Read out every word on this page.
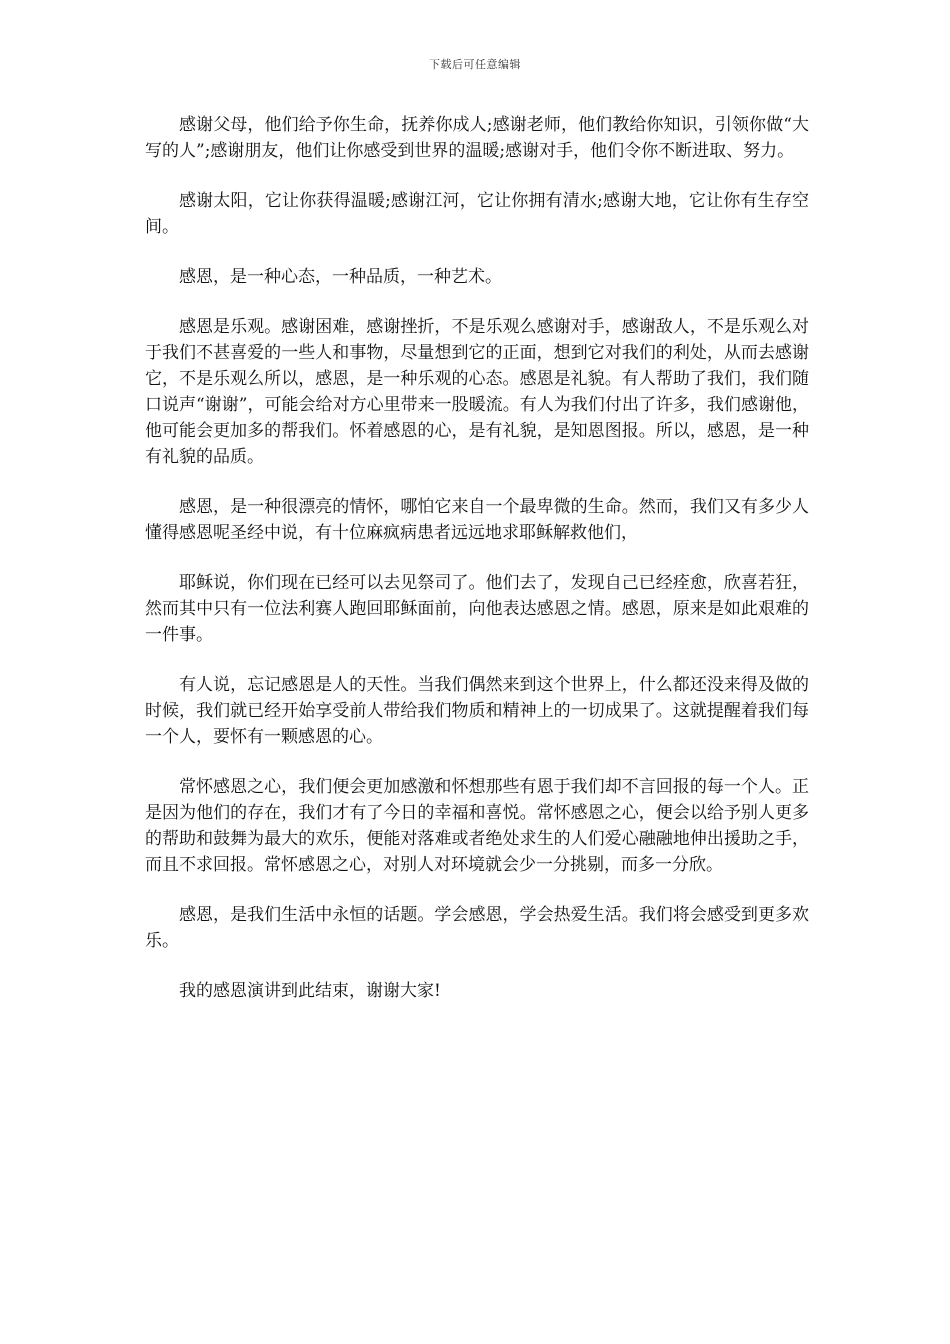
下载后可任意编辑

感谢父母，他们给予你生命，抚养你成人;感谢老师，他们教给你知识，引领你做“大写的人”;感谢朋友，他们让你感受到世界的温暖;感谢对手，他们令你不断进取、努力。

感谢太阳，它让你获得温暖;感谢江河，它让你拥有清水;感谢大地，它让你有生存空间。

感恩，是一种心态，一种品质，一种艺术。

感恩是乐观。感谢困难，感谢挫折，不是乐观么感谢对手，感谢敌人，不是乐观么对于我们不甚喜爱的一些人和事物，尽量想到它的正面，想到它对我们的利处，从而去感谢它，不是乐观么所以，感恩，是一种乐观的心态。感恩是礼貌。有人帮助了我们，我们随口说声“谢谢”，可能会给对方心里带来一股暖流。有人为我们付出了许多，我们感谢他，他可能会更加多的帮我们。怀着感恩的心，是有礼貌，是知恩图报。所以，感恩，是一种有礼貌的品质。

感恩，是一种很漂亮的情怀，哪怕它来自一个最卑微的生命。然而，我们又有多少人懂得感恩呢圣经中说，有十位麻疯病患者远远地求耶稣解救他们，

耶稣说，你们现在已经可以去见祭司了。他们去了，发现自己已经痊愈，欣喜若狂，然而其中只有一位法利赛人跑回耶稣面前，向他表达感恩之情。感恩，原来是如此艰难的一件事。

有人说，忘记感恩是人的天性。当我们偶然来到这个世界上，什么都还没来得及做的时候，我们就已经开始享受前人带给我们物质和精神上的一切成果了。这就提醒着我们每一个人，要怀有一颗感恩的心。

常怀感恩之心，我们便会更加感激和怀想那些有恩于我们却不言回报的每一个人。正是因为他们的存在，我们才有了今日的幸福和喜悦。常怀感恩之心，便会以给予别人更多的帮助和鼓舞为最大的欢乐，便能对落难或者绝处求生的人们爱心融融地伸出援助之手，而且不求回报。常怀感恩之心，对别人对环境就会少一分挑剔，而多一分欣。

感恩，是我们生活中永恒的话题。学会感恩，学会热爱生活。我们将会感受到更多欢乐。

我的感恩演讲到此结束，谢谢大家!
